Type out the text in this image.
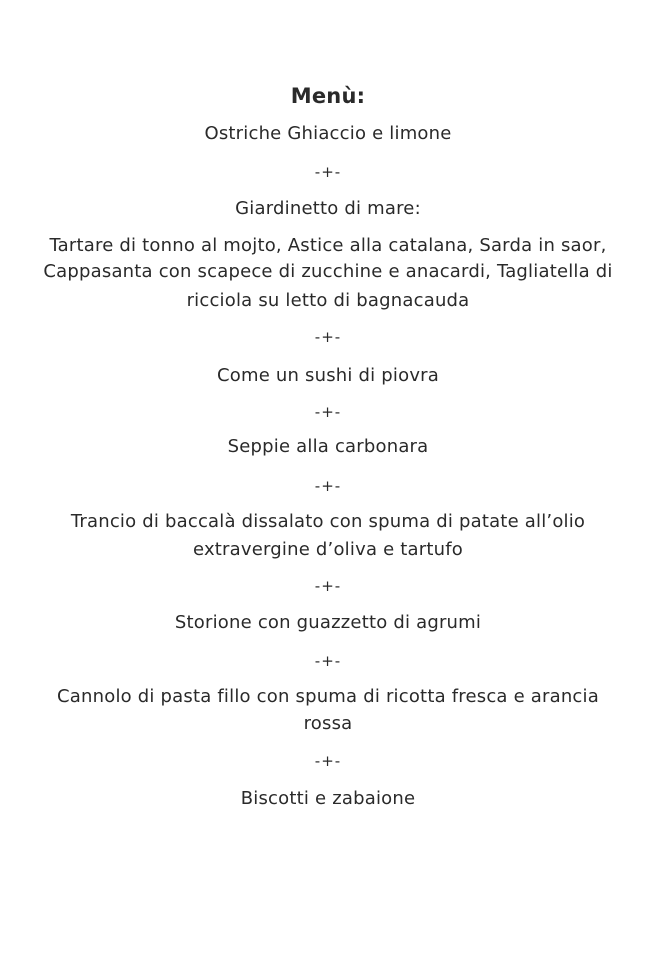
Menù:
Ostriche Ghiaccio e limone
-+-
Giardinetto di mare:
Tartare di tonno al mojto, Astice alla catalana, Sarda in saor,
Cappasanta con scapece di zucchine e anacardi, Tagliatella di
ricciola su letto di bagnacauda
-+-
Come un sushi di piovra
-+-
Seppie alla carbonara
-+-
Trancio di baccalà dissalato con spuma di patate all’olio
extravergine d’oliva e tartufo
-+-
Storione con guazzetto di agrumi
-+-
Cannolo di pasta fillo con spuma di ricotta fresca e arancia
rossa
-+-
Biscotti e zabaione
